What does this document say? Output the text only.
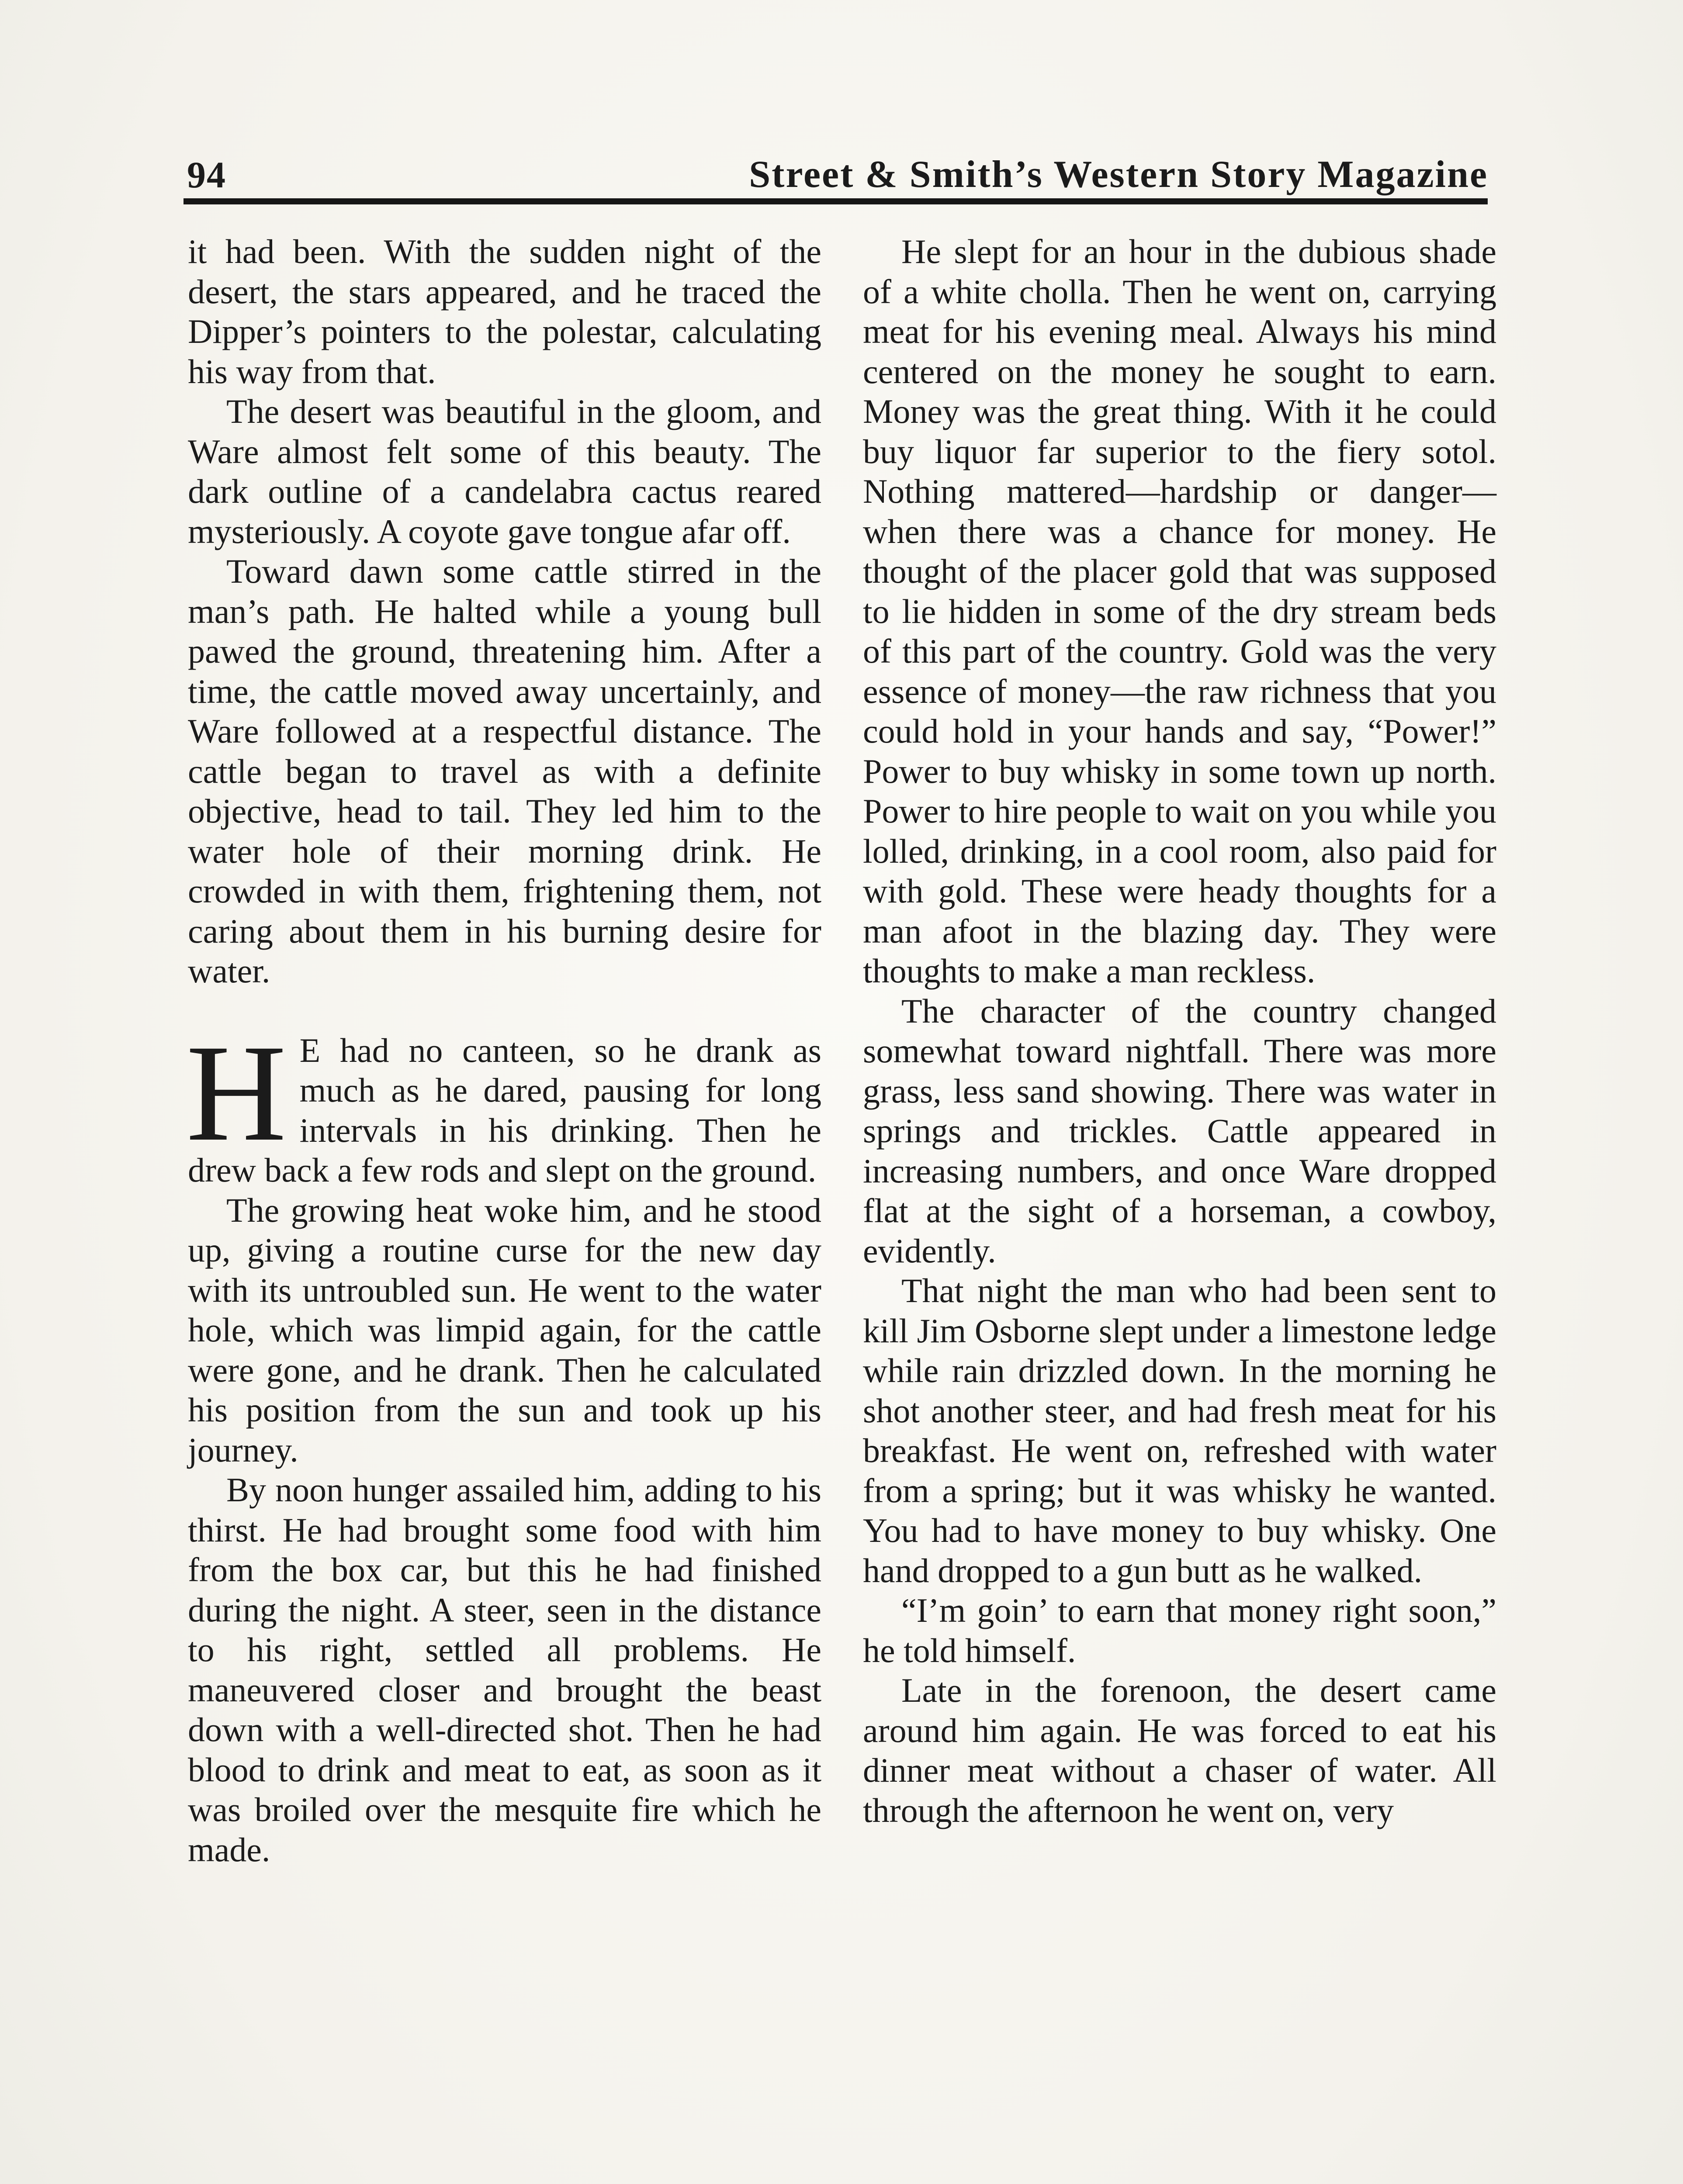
94	Street & Smith’s Western Story Magazine

it had been. With the sudden night of the desert, the stars appeared, and he traced the Dipper’s pointers to the polestar, calculating his way from that.

The desert was beautiful in the gloom, and Ware almost felt some of this beauty. The dark outline of a candelabra cactus reared mysteriously. A coyote gave tongue afar off.

Toward dawn some cattle stirred in the man’s path. He halted while a young bull pawed the ground, threatening him. After a time, the cattle moved away uncertainly, and Ware followed at a respectful distance. The cattle began to travel as with a definite objective, head to tail. They led him to the water hole of their morning drink. He crowded in with them, frightening them, not caring about them in his burning desire for water.

H E had no canteen, so he drank as much as he dared, pausing for long intervals in his drinking. Then he drew back a few rods and slept on the ground.

The growing heat woke him, and he stood up, giving a routine curse for the new day with its untroubled sun. He went to the water hole, which was limpid again, for the cattle were gone, and he drank. Then he calculated his position from the sun and took up his journey.

By noon hunger assailed him, adding to his thirst. He had brought some food with him from the box car, but this he had finished during the night. A steer, seen in the distance to his right, settled all problems. He maneuvered closer and brought the beast down with a well-directed shot. Then he had blood to drink and meat to eat, as soon as it was broiled over the mesquite fire which he made.

He slept for an hour in the dubious shade of a white cholla. Then he went on, carrying meat for his evening meal. Always his mind centered on the money he sought to earn. Money was the great thing. With it he could buy liquor far superior to the fiery sotol. Nothing mattered—hardship or danger—when there was a chance for money. He thought of the placer gold that was supposed to lie hidden in some of the dry stream beds of this part of the country. Gold was the very essence of money—the raw richness that you could hold in your hands and say, “Power!” Power to buy whisky in some town up north. Power to hire people to wait on you while you lolled, drinking, in a cool room, also paid for with gold. These were heady thoughts for a man afoot in the blazing day. They were thoughts to make a man reckless.

The character of the country changed somewhat toward nightfall. There was more grass, less sand showing. There was water in springs and trickles. Cattle appeared in increasing numbers, and once Ware dropped flat at the sight of a horseman, a cowboy, evidently.

That night the man who had been sent to kill Jim Osborne slept under a limestone ledge while rain drizzled down. In the morning he shot another steer, and had fresh meat for his breakfast. He went on, refreshed with water from a spring; but it was whisky he wanted. You had to have money to buy whisky. One hand dropped to a gun butt as he walked.

“I’m goin’ to earn that money right soon,” he told himself.

Late in the forenoon, the desert came around him again. He was forced to eat his dinner meat without a chaser of water. All through the afternoon he went on, very
